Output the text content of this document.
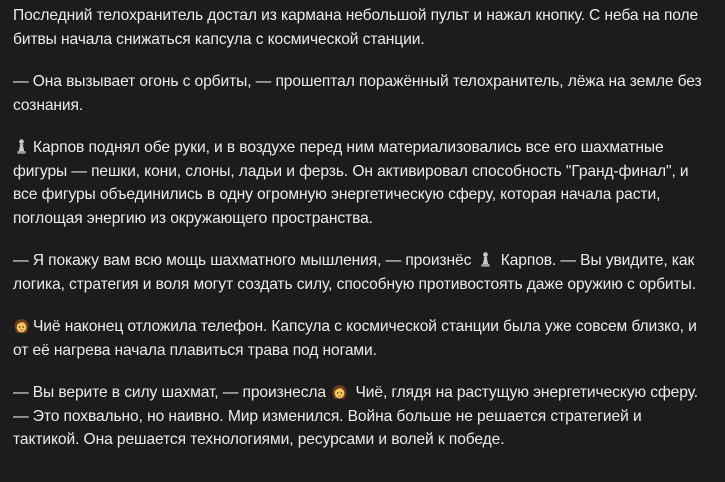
Последний телохранитель достал из кармана небольшой пульт и нажал кнопку. С неба на поле битвы начала снижаться капсула с космической станции.

— Она вызывает огонь с орбиты, — прошептал поражённый телохранитель, лёжа на земле без сознания.

Карпов поднял обе руки, и в воздухе перед ним материализовались все его шахматные фигуры — пешки, кони, слоны, ладьи и ферзь. Он активировал способность "Гранд-финал", и все фигуры объединились в одну огромную энергетическую сферу, которая начала расти, поглощая энергию из окружающего пространства.

— Я покажу вам всю мощь шахматного мышления, — произнёс Карпов. — Вы увидите, как логика, стратегия и воля могут создать силу, способную противостоять даже оружию с орбиты.

Чиё наконец отложила телефон. Капсула с космической станции была уже совсем близко, и от её нагрева начала плавиться трава под ногами.

— Вы верите в силу шахмат, — произнесла Чиё, глядя на растущую энергетическую сферу. — Это похвально, но наивно. Мир изменился. Война больше не решается стратегией и тактикой. Она решается технологиями, ресурсами и волей к победе.
